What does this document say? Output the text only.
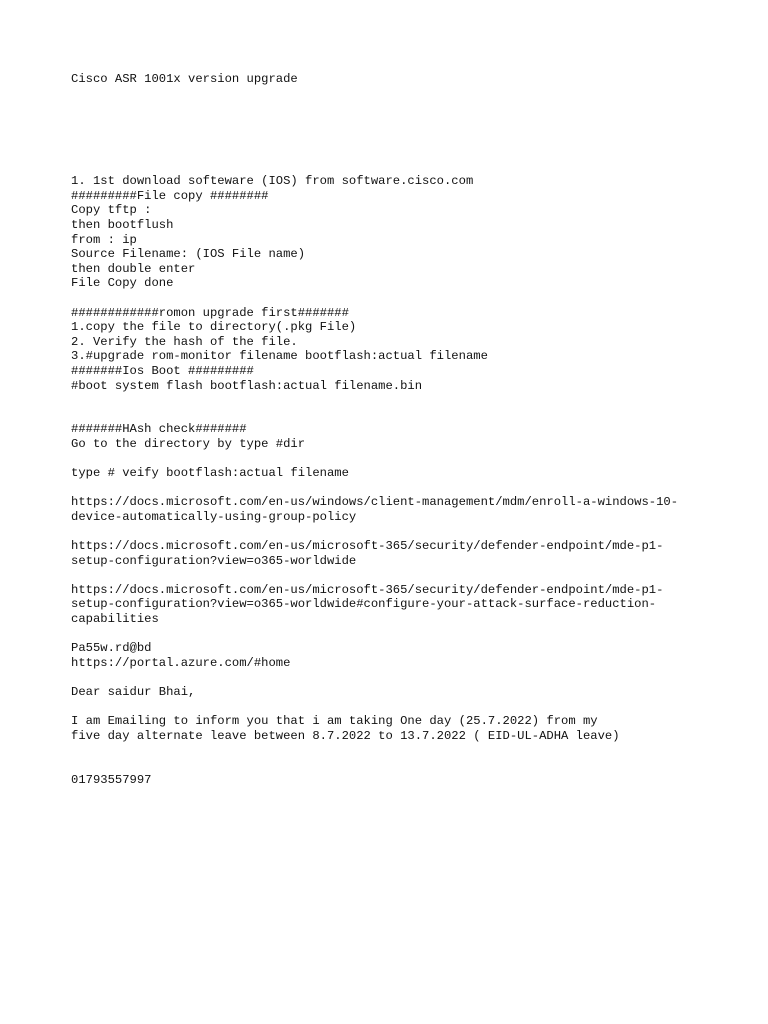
Cisco ASR 1001x version upgrade
1. 1st download softeware (IOS) from software.cisco.com
#########File copy ########
Copy tftp :
then bootflush
from : ip
Source Filename: (IOS File name)
then double enter
File Copy done
############romon upgrade first#######
1.copy the file to directory(.pkg File)
2. Verify the hash of the file.
3.#upgrade rom-monitor filename bootflash:actual filename
#######Ios Boot #########
#boot system flash bootflash:actual filename.bin
#######HAsh check#######
Go to the directory by type #dir
type # veify bootflash:actual filename
https://docs.microsoft.com/en-us/windows/client-management/mdm/enroll-a-windows-10-
device-automatically-using-group-policy
https://docs.microsoft.com/en-us/microsoft-365/security/defender-endpoint/mde-p1-
setup-configuration?view=o365-worldwide
https://docs.microsoft.com/en-us/microsoft-365/security/defender-endpoint/mde-p1-
setup-configuration?view=o365-worldwide#configure-your-attack-surface-reduction-
capabilities
Pa55w.rd@bd
https://portal.azure.com/#home
Dear saidur Bhai,
I am Emailing to inform you that i am taking One day (25.7.2022) from my
five day alternate leave between 8.7.2022 to 13.7.2022 ( EID-UL-ADHA leave)
01793557997
